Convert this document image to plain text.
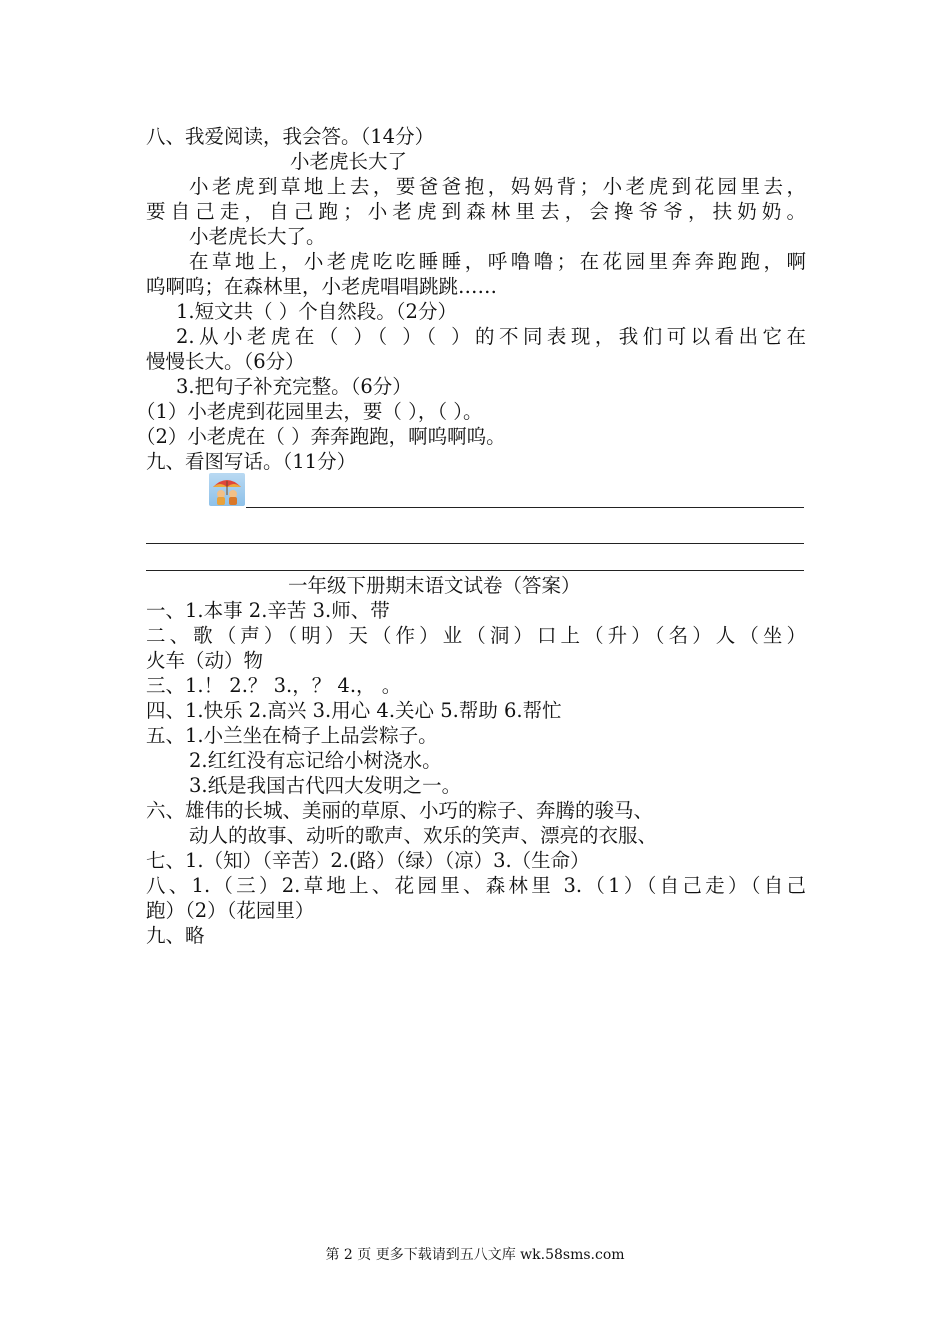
八、我爱阅读，我会答。（14分）
小老虎长大了
小老虎到草地上去，要爸爸抱，妈妈背；小老虎到花园里去，
要自己走，自己跑；小老虎到森林里去，会搀爷爷，扶奶奶。
小老虎长大了。
在草地上，小老虎吃吃睡睡，呼噜噜；在花园里奔奔跑跑，啊
呜啊呜；在森林里，小老虎唱唱跳跳……
1.短文共（ ）个自然段。（2分）
2.从小老虎在（ ）（ ）（ ）的不同表现，我们可以看出它在
慢慢长大。（6分）
3.把句子补充完整。（6分）
（1）小老虎到花园里去，要（ ），（ ）。
（2）小老虎在（ ）奔奔跑跑，啊呜啊呜。
九、看图写话。（11分）
一年级下册期末语文试卷（答案）
一、1.本事 2.辛苦 3.师、带
二、歌（声）（明）天（作）业（洞）口上（升）（名）人（坐）
火车（动）物
三、1.！ 2.？ 3.，？ 4.， 。
四、1.快乐 2.高兴 3.用心 4.关心 5.帮助 6.帮忙
五、1.小兰坐在椅子上品尝粽子。
2.红红没有忘记给小树浇水。
3.纸是我国古代四大发明之一。
六、雄伟的长城、美丽的草原、小巧的粽子、奔腾的骏马、
动人的故事、动听的歌声、欢乐的笑声、漂亮的衣服、
七、1.（知）（辛苦）2.(路）（绿）（凉）3.（生命）
八、1.（三）2.草地上、花园里、森林里 3.（1）（自己走）（自己
跑）（2）（花园里）
九、略
第 2 页 更多下载请到五八文库 wk.58sms.com
